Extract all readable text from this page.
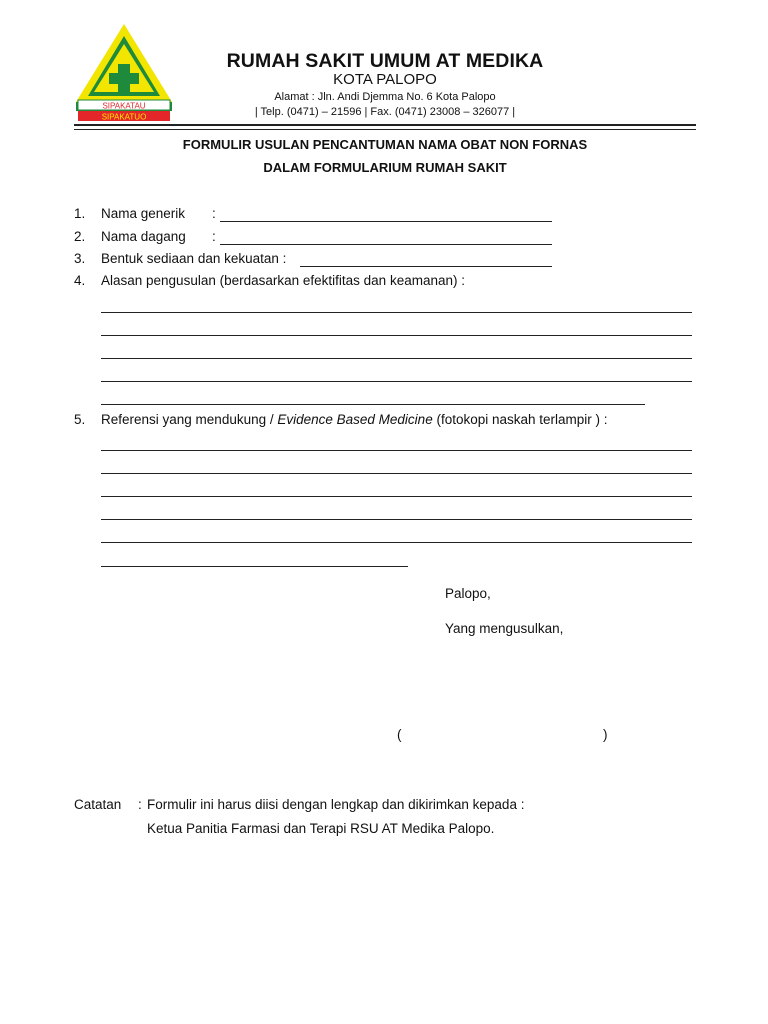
SIPAKATAU
SIPAKATUO
RUMAH SAKIT UMUM AT MEDIKA
KOTA PALOPO
Alamat : Jln. Andi Djemma No. 6 Kota Palopo
| Telp. (0471) – 21596 | Fax. (0471) 23008 – 326077 |
FORMULIR USULAN PENCANTUMAN NAMA OBAT NON FORNAS
DALAM FORMULARIUM RUMAH SAKIT
1. Nama generik :
2. Nama dagang :
3. Bentuk sediaan dan kekuatan :
4. Alasan pengusulan (berdasarkan efektifitas dan keamanan) :
5. Referensi yang mendukung / Evidence Based Medicine (fotokopi naskah terlampir ) :
Palopo,
Yang mengusulkan,
(	)
Catatan : Formulir ini harus diisi dengan lengkap dan dikirimkan kepada :
Ketua Panitia Farmasi dan Terapi RSU AT Medika Palopo.
